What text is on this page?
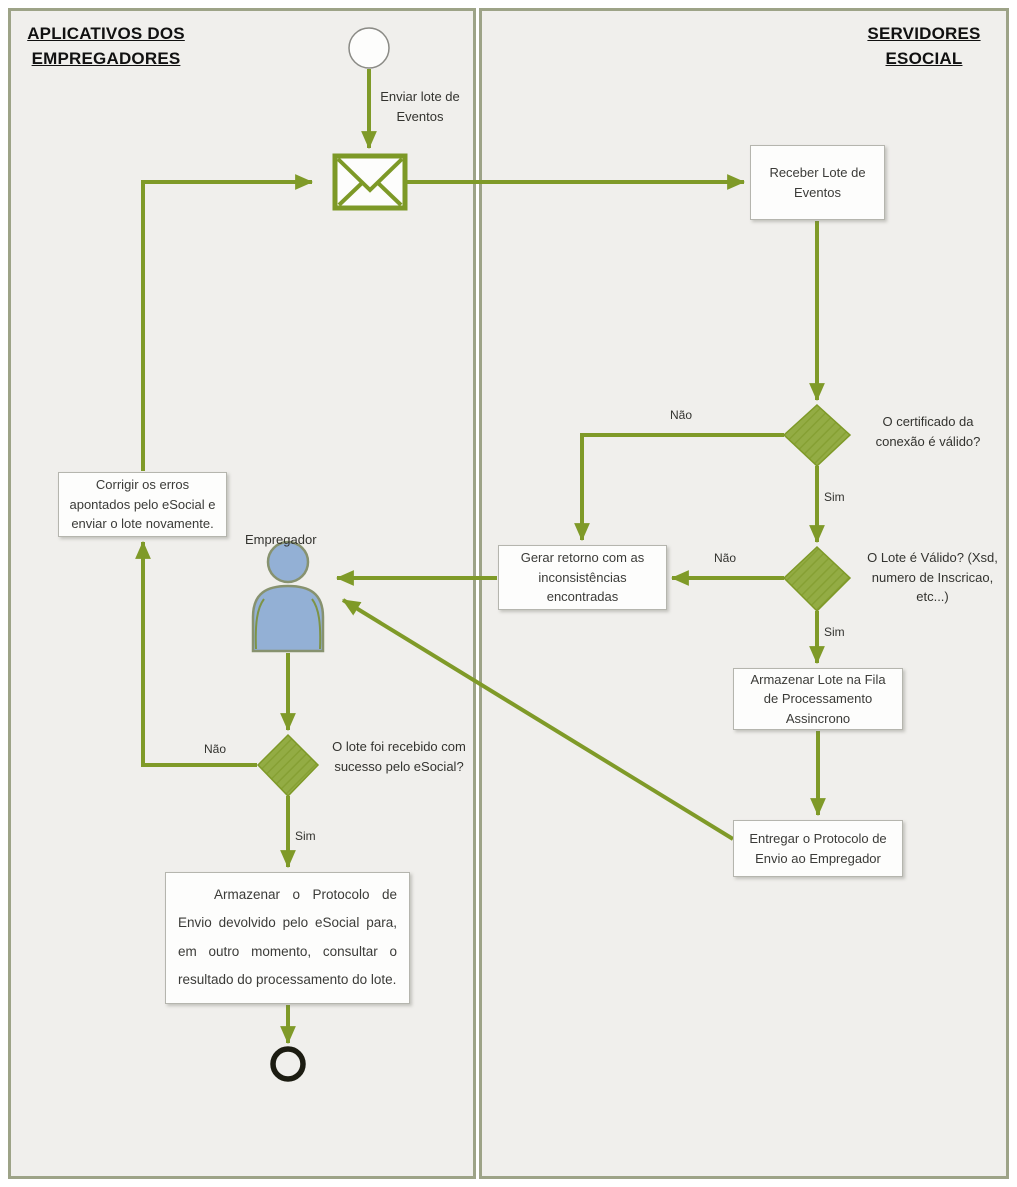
APLICATIVOS DOS EMPREGADORES
SERVIDORES ESOCIAL
Receber Lote de Eventos
Gerar retorno com as inconsistências encontradas
Armazenar Lote na Fila de Processamento Assincrono
Entregar o Protocolo de Envio ao Empregador
Corrigir os erros apontados pelo eSocial e enviar o lote novamente.
Armazenar o Protocolo de Envio devolvido pelo eSocial para, em outro momento, consultar o resultado do processamento do lote.
Enviar lote de Eventos
O certificado da conexão é válido?
O Lote é Válido? (Xsd, numero de Inscricao, etc...)
Empregador
O lote foi recebido com sucesso pelo eSocial?
Não
Sim
Não
Sim
Não
Sim
